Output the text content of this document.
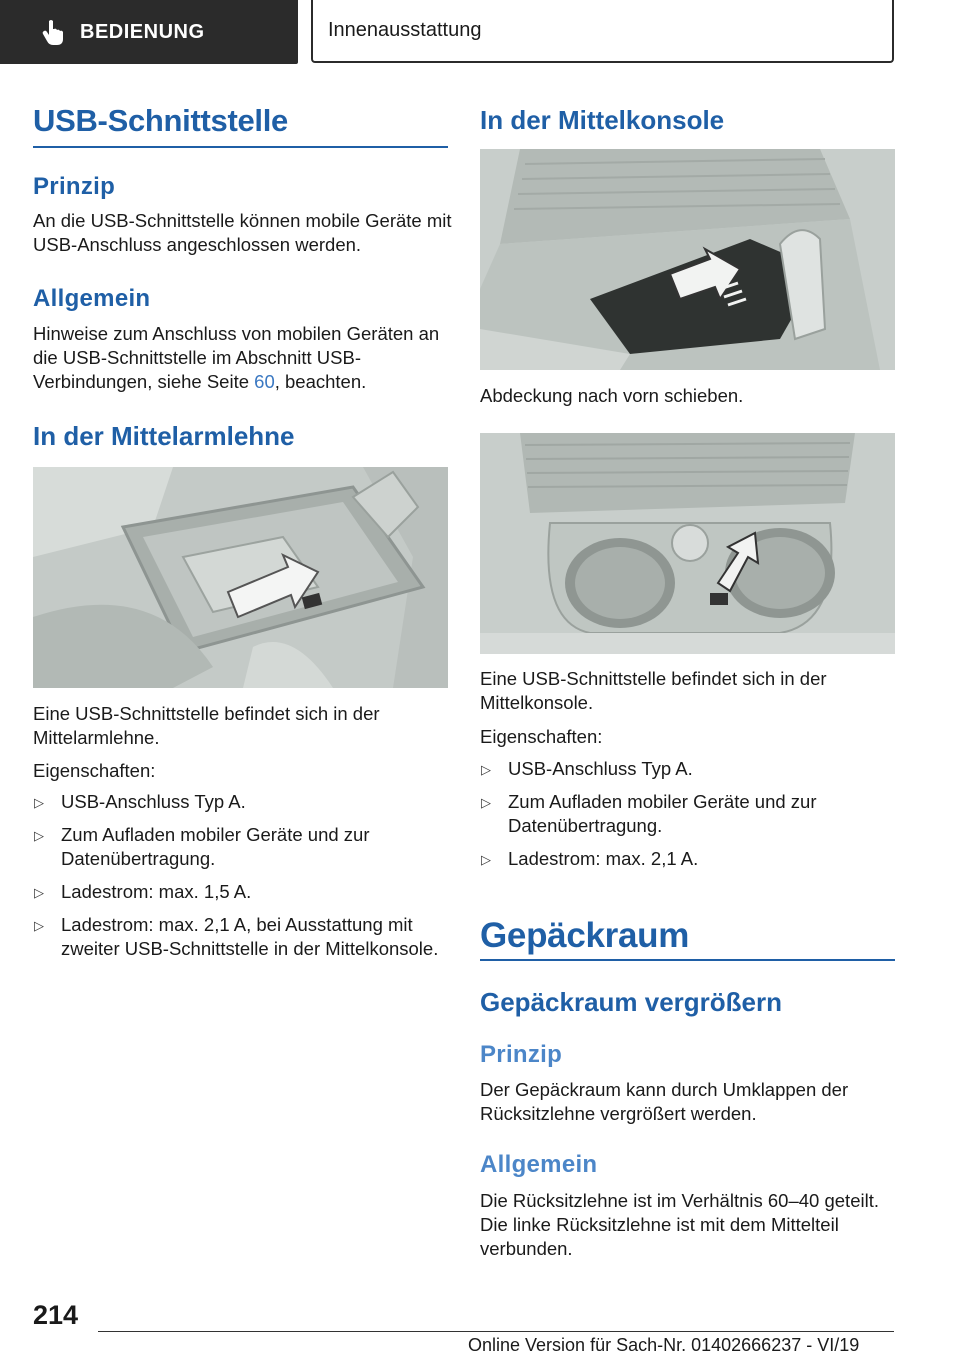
BEDIENUNG	Innenausstattung
USB-Schnittstelle
Prinzip
An die USB-Schnittstelle können mobile Geräte mit USB-Anschluss angeschlossen werden.
Allgemein
Hinweise zum Anschluss von mobilen Geräten an die USB-Schnittstelle im Abschnitt USB-Verbindungen, siehe Seite 60, beachten.
In der Mittelarmlehne
Eine USB-Schnittstelle befindet sich in der Mittelarmlehne.
Eigenschaften:
▷ USB-Anschluss Typ A.
▷ Zum Aufladen mobiler Geräte und zur Datenübertragung.
▷ Ladestrom: max. 1,5 A.
▷ Ladestrom: max. 2,1 A, bei Ausstattung mit zweiter USB-Schnittstelle in der Mittelkonsole.
In der Mittelkonsole
Abdeckung nach vorn schieben.
Eine USB-Schnittstelle befindet sich in der Mittelkonsole.
Eigenschaften:
▷ USB-Anschluss Typ A.
▷ Zum Aufladen mobiler Geräte und zur Datenübertragung.
▷ Ladestrom: max. 2,1 A.
Gepäckraum
Gepäckraum vergrößern
Prinzip
Der Gepäckraum kann durch Umklappen der Rücksitzlehne vergrößert werden.
Allgemein
Die Rücksitzlehne ist im Verhältnis 60–40 geteilt. Die linke Rücksitzlehne ist mit dem Mittelteil verbunden.
214
Online Version für Sach-Nr. 01402666237 - VI/19
